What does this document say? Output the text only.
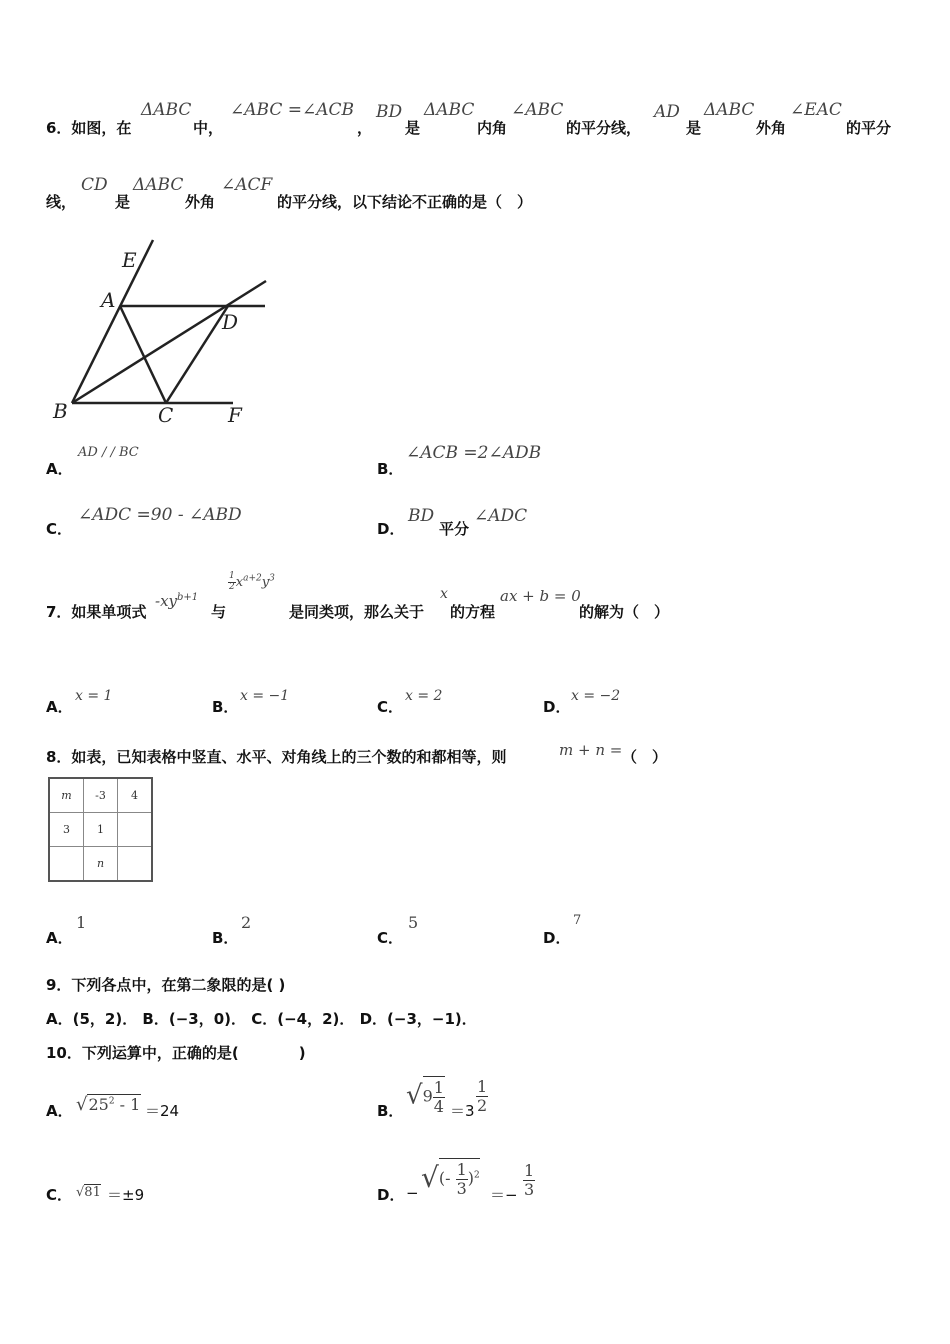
6．如图，在
ΔABC
中，
∠ABC =∠ACB
，
BD
是
ΔABC
内角
∠ABC
的平分线，
AD
是
ΔABC
外角
∠EAC
的平分
线，
CD
是
ΔABC
外角
∠ACF
的平分线，以下结论不正确的是（　）
E
A
D
B	C	F
A．
AD / / BC
B．
∠ACB =2∠ADB
C．
∠ADC =90 - ∠ABD
D．
BD
平分
∠ADC
7．如果单项式
$-xy^{b+1}$
与
$\frac{1}{2} x^{a+2}y^3$
是同类项，那么关于
x
的方程
ax + b = 0
的解为（　）
A．
x = 1
B．
x = −1
C．
x = 2
D．
x = −2
8．如表，已知表格中竖直、水平、对角线上的三个数的和都相等，则	m + n = （　）
m	-3	4
3	1	
	n	
A．
1
B．
2
C．
5
D．
7
9．下列各点中，在第二象限的是( )
A．(5，2)． B．(−3，0)． C．(−4，2)． D．(−3，−1)．
10．下列运算中，正确的是(　　　　)
A． $√25^2 - 1 =24$	B．
$√9 \frac{1}{4} =3 \frac{1}{2}$
C． √81 ＝±9	D． − √(- $\frac{1}{3} )^2$
＝− $\frac{1}{3}$
